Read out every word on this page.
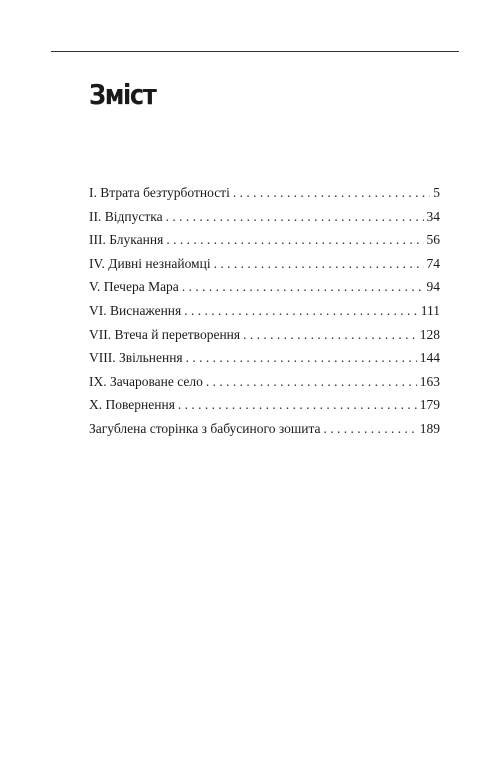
Зміст
I. Втрата безтурботності . . .	5
II. Відпустка . . .	34
III. Блукання . . .	56
IV. Дивні незнайомці . . .	74
V. Печера Мара . . .	94
VI. Виснаження . . .	111
VII. Втеча й перетворення . . .	128
VIII. Звільнення . . .	144
IX. Зачароване село . . .	163
X. Повернення . . .	179
Загублена сторінка з бабусиного зошита . . .	189
